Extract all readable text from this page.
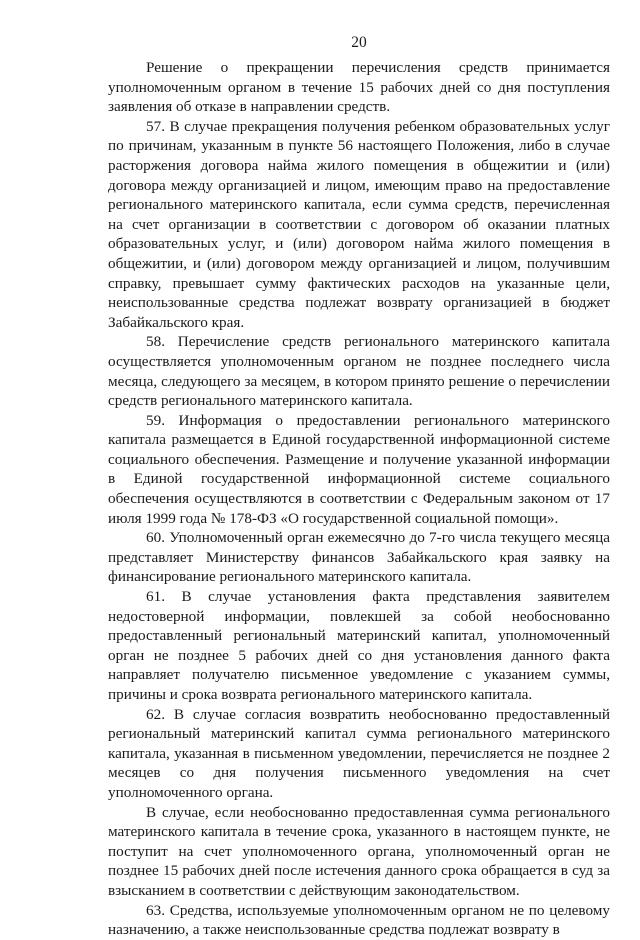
20

Решение о прекращении перечисления средств принимается уполномоченным органом в течение 15 рабочих дней со дня поступления заявления об отказе в направлении средств.

57. В случае прекращения получения ребенком образовательных услуг по причинам, указанным в пункте 56 настоящего Положения, либо в случае расторжения договора найма жилого помещения в общежитии и (или) договора между организацией и лицом, имеющим право на предоставление регионального материнского капитала, если сумма средств, перечисленная на счет организации в соответствии с договором об оказании платных образовательных услуг, и (или) договором найма жилого помещения в общежитии, и (или) договором между организацией и лицом, получившим справку, превышает сумму фактических расходов на указанные цели, неиспользованные средства подлежат возврату организацией в бюджет Забайкальского края.

58. Перечисление средств регионального материнского капитала осуществляется уполномоченным органом не позднее последнего числа месяца, следующего за месяцем, в котором принято решение о перечислении средств регионального материнского капитала.

59. Информация о предоставлении регионального материнского капитала размещается в Единой государственной информационной системе социального обеспечения. Размещение и получение указанной информации в Единой государственной информационной системе социального обеспечения осуществляются в соответствии с Федеральным законом от 17 июля 1999 года № 178-ФЗ «О государственной социальной помощи».

60. Уполномоченный орган ежемесячно до 7-го числа текущего месяца представляет Министерству финансов Забайкальского края заявку на финансирование регионального материнского капитала.

61. В случае установления факта представления заявителем недостоверной информации, повлекшей за собой необоснованно предоставленный региональный материнский капитал, уполномоченный орган не позднее 5 рабочих дней со дня установления данного факта направляет получателю письменное уведомление с указанием суммы, причины и срока возврата регионального материнского капитала.

62. В случае согласия возвратить необоснованно предоставленный региональный материнский капитал сумма регионального материнского капитала, указанная в письменном уведомлении, перечисляется не позднее 2 месяцев со дня получения письменного уведомления на счет уполномоченного органа.

В случае, если необоснованно предоставленная сумма регионального материнского капитала в течение срока, указанного в настоящем пункте, не поступит на счет уполномоченного органа, уполномоченный орган не позднее 15 рабочих дней после истечения данного срока обращается в суд за взысканием в соответствии с действующим законодательством.

63. Средства, используемые уполномоченным органом не по целевому назначению, а также неиспользованные средства подлежат возврату в
